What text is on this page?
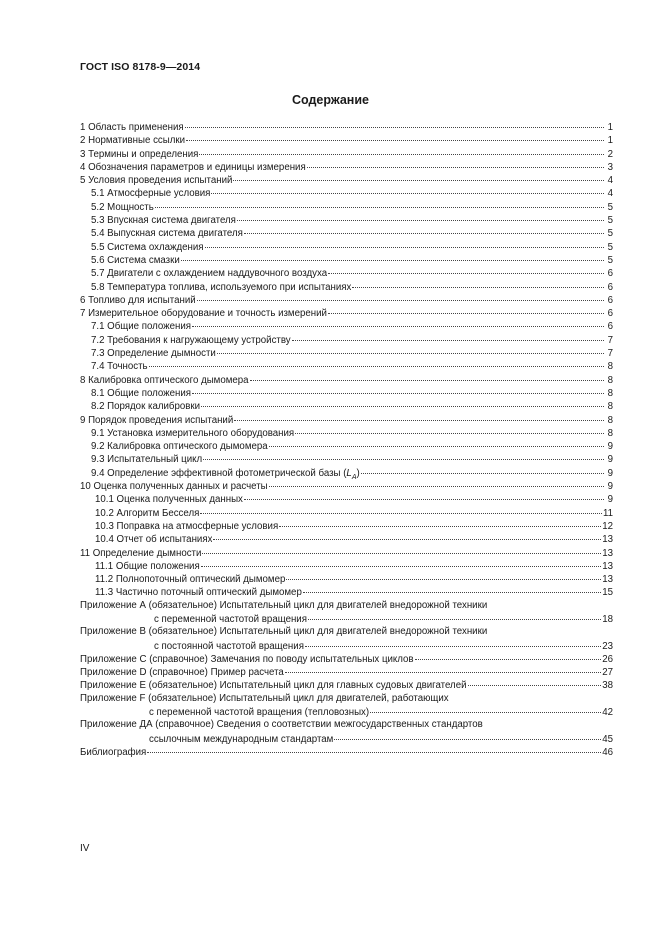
ГОСТ ISO 8178-9—2014
Содержание
1 Область применения	1
2 Нормативные ссылки	1
3 Термины и определения	2
4 Обозначения параметров и единицы измерения	3
5 Условия проведения испытаний	4
5.1 Атмосферные условия	4
5.2 Мощность	5
5.3 Впускная система двигателя	5
5.4 Выпускная система двигателя	5
5.5 Система охлаждения	5
5.6 Система смазки	5
5.7 Двигатели с охлаждением наддувочного воздуха	6
5.8 Температура топлива, используемого при испытаниях	6
6 Топливо для испытаний	6
7 Измерительное оборудование и точность измерений	6
7.1 Общие положения	6
7.2 Требования к нагружающему устройству	7
7.3 Определение дымности	7
7.4 Точность	8
8 Калибровка оптического дымомера	8
8.1 Общие положения	8
8.2 Порядок калибровки	8
9 Порядок проведения испытаний	8
9.1 Установка измерительного оборудования	8
9.2 Калибровка оптического дымомера	9
9.3 Испытательный цикл	9
9.4 Определение эффективной фотометрической базы $(L_A)$	9
10 Оценка полученных данных и расчеты	9
10.1 Оценка полученных данных	9
10.2 Алгоритм Бесселя	11
10.3 Поправка на атмосферные условия	12
10.4 Отчет об испытаниях	13
11 Определение дымности	13
11.1 Общие положения	13
11.2 Полнопоточный оптический дымомер	13
11.3 Частично поточный оптический дымомер	15
Приложение А (обязательное) Испытательный цикл для двигателей внедорожной техники
с переменной частотой вращения	18
Приложение В (обязательное) Испытательный цикл для двигателей внедорожной техники
с постоянной частотой вращения	23
Приложение С (справочное) Замечания по поводу испытательных циклов	26
Приложение D (справочное) Пример расчета	27
Приложение Е (обязательное) Испытательный цикл для главных судовых двигателей	38
Приложение F (обязательное) Испытательный цикл для двигателей, работающих
с переменной частотой вращения (тепловозных)	42
Приложение ДА (справочное) Сведения о соответствии межгосударственных стандартов
ссылочным международным стандартам	45
Библиография	46
IV
